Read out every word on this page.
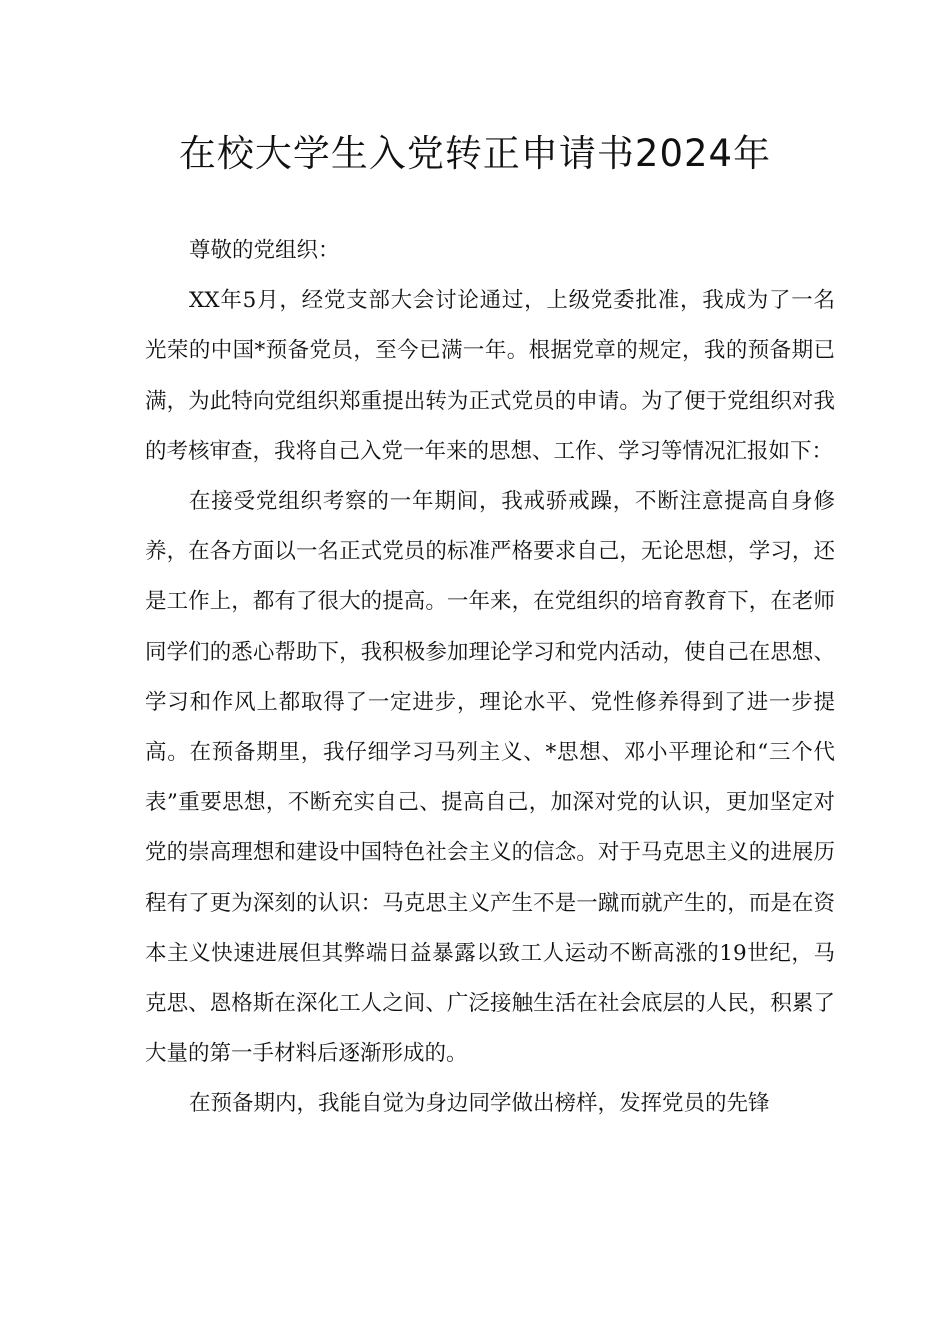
在校大学生入党转正申请书2024年

尊敬的党组织：

XX年5月，经党支部大会讨论通过，上级党委批准，我成为了一名光荣的中国*预备党员，至今已满一年。根据党章的规定，我的预备期已满，为此特向党组织郑重提出转为正式党员的申请。为了便于党组织对我的考核审查，我将自己入党一年来的思想、工作、学习等情况汇报如下：

在接受党组织考察的一年期间，我戒骄戒躁，不断注意提高自身修养，在各方面以一名正式党员的标准严格要求自己，无论思想，学习，还是工作上，都有了很大的提高。一年来，在党组织的培育教育下，在老师同学们的悉心帮助下，我积极参加理论学习和党内活动，使自己在思想、学习和作风上都取得了一定进步，理论水平、党性修养得到了进一步提高。在预备期里，我仔细学习马列主义、*思想、邓小平理论和“三个代表”重要思想，不断充实自己、提高自己，加深对党的认识，更加坚定对党的崇高理想和建设中国特色社会主义的信念。对于马克思主义的进展历程有了更为深刻的认识：马克思主义产生不是一蹴而就产生的，而是在资本主义快速进展但其弊端日益暴露以致工人运动不断高涨的19世纪，马克思、恩格斯在深化工人之间、广泛接触生活在社会底层的人民，积累了大量的第一手材料后逐渐形成的。

在预备期内，我能自觉为身边同学做出榜样，发挥党员的先锋
